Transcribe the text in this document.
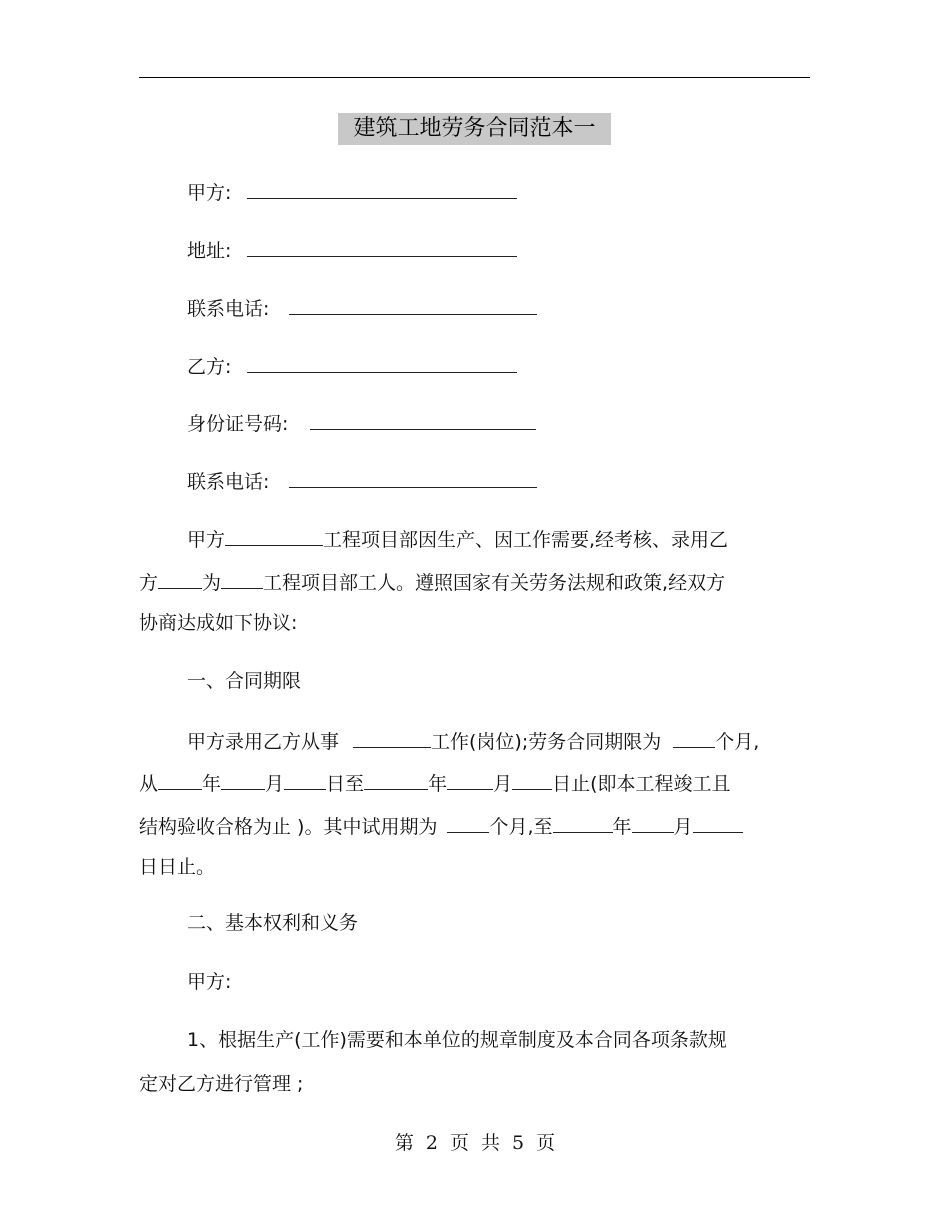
建筑工地劳务合同范本一
甲方:
地址:
联系电话:
乙方:
身份证号码:
联系电话:
甲方	工程项目部因生产、因工作需要,经考核、录用乙
方 为 工程项目部工人。遵照国家有关劳务法规和政策,经双方
协商达成如下协议:
一、合同期限
甲方录用乙方从事	工作(岗位);劳务合同期限为	个月,
从 年 月 日至	年 月 日止(即本工程竣工且
结构验收合格为止 )。其中试用期为	个月,至	年 月
日日止。
二、基本权利和义务
甲方:
1、根据生产(工作)需要和本单位的规章制度及本合同各项条款规
定对乙方进行管理 ;
第 2 页 共 5 页
